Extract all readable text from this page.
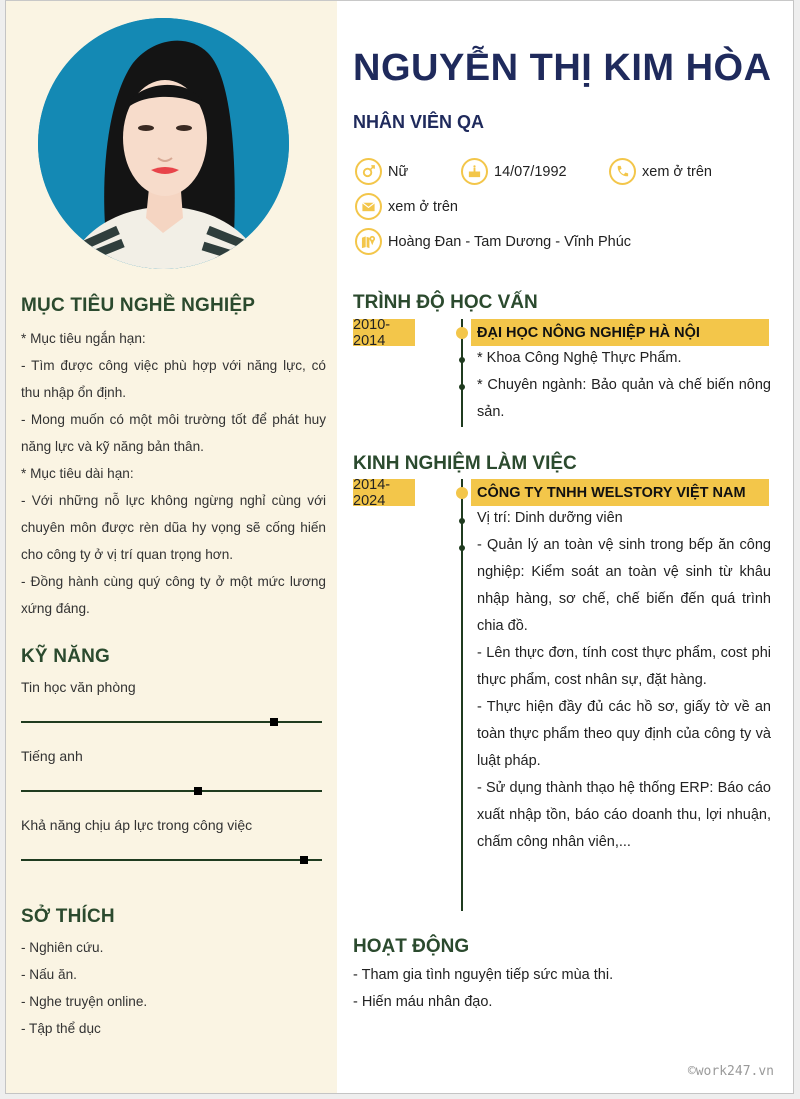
MỤC TIÊU NGHỀ NGHIỆP

* Mục tiêu ngắn hạn:

- Tìm được công việc phù hợp với năng lực, có thu nhập ổn định.

- Mong muốn có một môi trường tốt để phát huy năng lực và kỹ năng bản thân.

* Mục tiêu dài hạn:

- Với những nỗ lực không ngừng nghỉ cùng với chuyên môn được rèn dũa hy vọng sẽ cống hiến cho công ty ở vị trí quan trọng hơn.

- Đồng hành cùng quý công ty ở một mức lương xứng đáng.

KỸ NĂNG
Tin học văn phòng
Tiếng anh
Khả năng chịu áp lực trong công việc
SỞ THÍCH
- Nghiên cứu.
- Nấu ăn.
- Nghe truyện online.
- Tập thể dục
NGUYỄN THỊ KIM HÒA
NHÂN VIÊN QA
Nữ	14/07/1992	xem ở trên
xem ở trên
Hoàng Đan - Tam Dương - Vĩnh Phúc
TRÌNH ĐỘ HỌC VẤN
2010-2014	ĐẠI HỌC NÔNG NGHIỆP HÀ NỘI

* Khoa Công Nghệ Thực Phẩm.

* Chuyên ngành: Bảo quản và chế biến nông sản.

KINH NGHIỆM LÀM VIỆC
2014-2024	CÔNG TY TNHH WELSTORY VIỆT NAM

Vị trí: Dinh dưỡng viên

- Quản lý an toàn vệ sinh trong bếp ăn công nghiệp: Kiểm soát an toàn vệ sinh từ khâu nhập hàng, sơ chế, chế biến đến quá trình chia đồ.

- Lên thực đơn, tính cost thực phẩm, cost phi thực phẩm, cost nhân sự, đặt hàng.

- Thực hiện đầy đủ các hồ sơ, giấy tờ về an toàn thực phẩm theo quy định của công ty và luật pháp.

- Sử dụng thành thạo hệ thống ERP: Báo cáo xuất nhập tồn, báo cáo doanh thu, lợi nhuận, chấm công nhân viên,...

HOẠT ĐỘNG
- Tham gia tình nguyện tiếp sức mùa thi.
- Hiến máu nhân đạo.
©work247.vn
